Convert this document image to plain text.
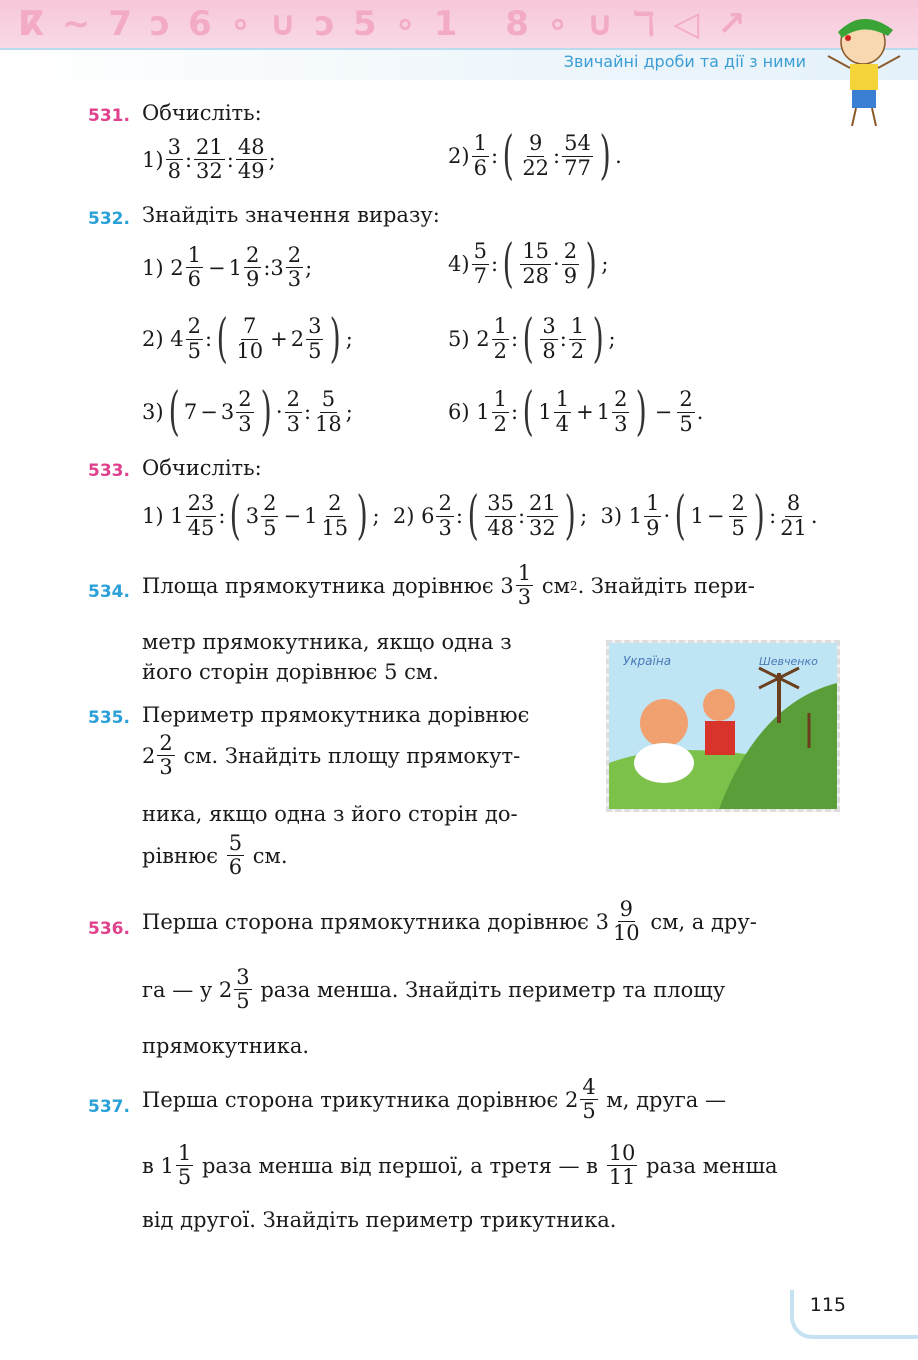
ⴽ∼7ↄ6∘∪ↄ5∘1 8∘∪ℸ◁↗
Звичайні дроби та дії з ними
531. Обчисліть:
$1) \frac{3}{8}$ : $\frac{21}{32}$ : $\frac{48}{49}$ ;	$2) \frac{1}{6}$ : ( $\frac{9}{22}$ : $\frac{54}{77}$ ) .
532. Знайдіть значення виразу:
1) $2 \frac{1}{6} - 1 \frac{2}{9}$ :3 $\frac{2}{3}$ ;	$4) \frac{5}{7}$ : ( $\frac{15}{28} \cdot \frac{2}{9}$ ) ;
2) $4 \frac{2}{5}$ : ( $\frac{7}{10} + 2 \frac{3}{5}$ ) ;	5) $2 \frac{1}{2}$ : ( $\frac{3}{8}$ : $\frac{1}{2}$ ) ;
3) ( $7 - 3 \frac{2}{3}$ ) · $\frac{2}{3}$ : $\frac{5}{18}$ ;	6) $1 \frac{1}{2}$ : ( $1 \frac{1}{4} + 1 \frac{2}{3}$ ) − $\frac{2}{5}$ .
533. Обчисліть:
1) $1 \frac{23}{45}$ : ( $3 \frac{2}{5} - 1 \frac{2}{15}$ ) ;  2) $6 \frac{2}{3}$ : ( $\frac{35}{48}$ : $\frac{21}{32}$ ) ;  3) $1 \frac{1}{9}$ · ( $1 - \frac{2}{5}$ ) : $\frac{8}{21}$ .
534. Площа прямокутника дорівнює $3 \frac{1}{3}$
см 2 . Знайдіть пери-
метр прямокутника, якщо одна з
його сторін дорівнює 5 см.
535. Периметр прямокутника дорівнює
$2 \frac{2}{3}$
см. Знайдіть площу прямокут-
ника, якщо одна з його сторін до-
рівнює
$\frac{5}{6}$
см.
Україна	Шевченко
536. Перша сторона прямокутника дорівнює $3 \frac{9}{10}$
см, а дру-
га — у $2 \frac{3}{5}$
раза менша. Знайдіть периметр та площу
прямокутника.
537. Перша сторона трикутника дорівнює $2 \frac{4}{5}$
м, друга —
в $1 \frac{1}{5}$
раза менша від першої, а третя — в
$\frac{10}{11}$
раза менша
від другої. Знайдіть периметр трикутника.
115
